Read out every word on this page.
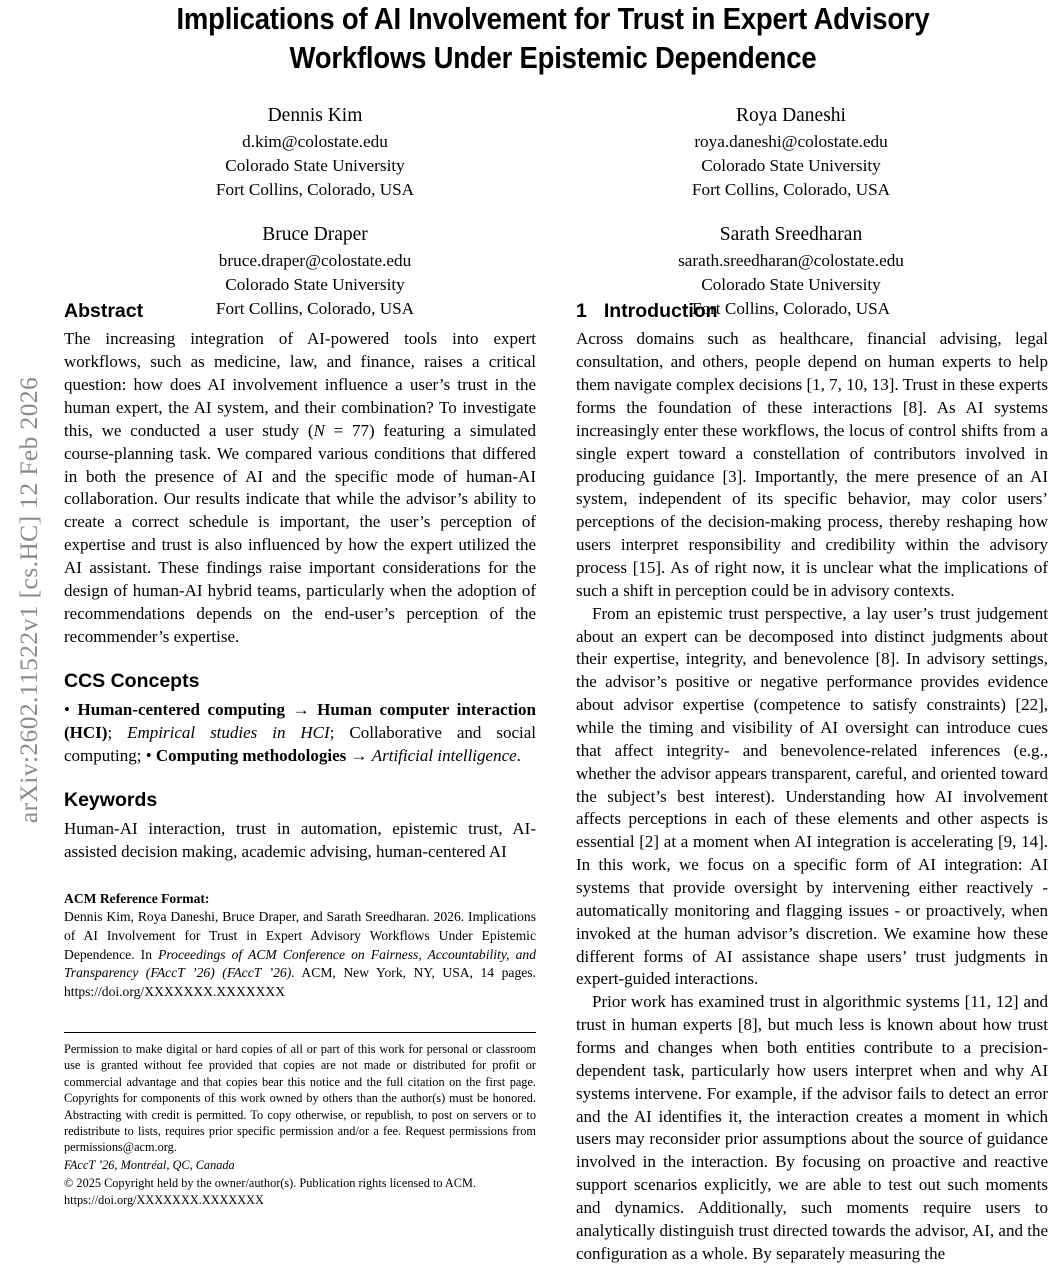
arXiv:2602.11522v1 [cs.HC] 12 Feb 2026
Implications of AI Involvement for Trust in Expert Advisory Workflows Under Epistemic Dependence
Dennis Kim
d.kim@colostate.edu
Colorado State University
Fort Collins, Colorado, USA
Roya Daneshi
roya.daneshi@colostate.edu
Colorado State University
Fort Collins, Colorado, USA
Bruce Draper
bruce.draper@colostate.edu
Colorado State University
Fort Collins, Colorado, USA
Sarath Sreedharan
sarath.sreedharan@colostate.edu
Colorado State University
Fort Collins, Colorado, USA
Abstract

The increasing integration of AI-powered tools into expert workflows, such as medicine, law, and finance, raises a critical question: how does AI involvement influence a user’s trust in the human expert, the AI system, and their combination? To investigate this, we conducted a user study (N = 77) featuring a simulated course-planning task. We compared various conditions that differed in both the presence of AI and the specific mode of human-AI collaboration. Our results indicate that while the advisor’s ability to create a correct schedule is important, the user’s perception of expertise and trust is also influenced by how the expert utilized the AI assistant. These findings raise important considerations for the design of human-AI hybrid teams, particularly when the adoption of recommendations depends on the end-user’s perception of the recommender’s expertise.

CCS Concepts
• Human-centered computing → Human computer interaction (HCI); Empirical studies in HCI; Collaborative and social computing; • Computing methodologies → Artificial intelligence.
Keywords
Human-AI interaction, trust in automation, epistemic trust, AI-assisted decision making, academic advising, human-centered AI
ACM Reference Format:
Dennis Kim, Roya Daneshi, Bruce Draper, and Sarath Sreedharan. 2026. Implications of AI Involvement for Trust in Expert Advisory Workflows Under Epistemic Dependence. In Proceedings of ACM Conference on Fairness, Accountability, and Transparency (FAccT ’26) (FAccT ’26). ACM, New York, NY, USA, 14 pages. https://doi.org/XXXXXXX.XXXXXXX
1 Introduction

Across domains such as healthcare, financial advising, legal consultation, and others, people depend on human experts to help them navigate complex decisions [1, 7, 10, 13]. Trust in these experts forms the foundation of these interactions [8]. As AI systems increasingly enter these workflows, the locus of control shifts from a single expert toward a constellation of contributors involved in producing guidance [3]. Importantly, the mere presence of an AI system, independent of its specific behavior, may color users’ perceptions of the decision-making process, thereby reshaping how users interpret responsibility and credibility within the advisory process [15]. As of right now, it is unclear what the implications of such a shift in perception could be in advisory contexts.

From an epistemic trust perspective, a lay user’s trust judgement about an expert can be decomposed into distinct judgments about their expertise, integrity, and benevolence [8]. In advisory settings, the advisor’s positive or negative performance provides evidence about advisor expertise (competence to satisfy constraints) [22], while the timing and visibility of AI oversight can introduce cues that affect integrity- and benevolence-related inferences (e.g., whether the advisor appears transparent, careful, and oriented toward the subject’s best interest). Understanding how AI involvement affects perceptions in each of these elements and other aspects is essential [2] at a moment when AI integration is accelerating [9, 14]. In this work, we focus on a specific form of AI integration: AI systems that provide oversight by intervening either reactively - automatically monitoring and flagging issues - or proactively, when invoked at the human advisor’s discretion. We examine how these different forms of AI assistance shape users’ trust judgments in expert-guided interactions.

Prior work has examined trust in algorithmic systems [11, 12] and trust in human experts [8], but much less is known about how trust forms and changes when both entities contribute to a precision-dependent task, particularly how users interpret when and why AI systems intervene. For example, if the advisor fails to detect an error and the AI identifies it, the interaction creates a moment in which users may reconsider prior assumptions about the source of guidance involved in the interaction. By focusing on proactive and reactive support scenarios explicitly, we are able to test out such moments and dynamics. Additionally, such moments require users to analytically distinguish trust directed towards the advisor, AI, and the configuration as a whole. By separately measuring the

Permission to make digital or hard copies of all or part of this work for personal or classroom use is granted without fee provided that copies are not made or distributed for profit or commercial advantage and that copies bear this notice and the full citation on the first page. Copyrights for components of this work owned by others than the author(s) must be honored. Abstracting with credit is permitted. To copy otherwise, or republish, to post on servers or to redistribute to lists, requires prior specific permission and/or a fee. Request permissions from permissions@acm.org.

FAccT ’26, Montréal, QC, Canada

© 2025 Copyright held by the owner/author(s). Publication rights licensed to ACM.

https://doi.org/XXXXXXX.XXXXXXX
